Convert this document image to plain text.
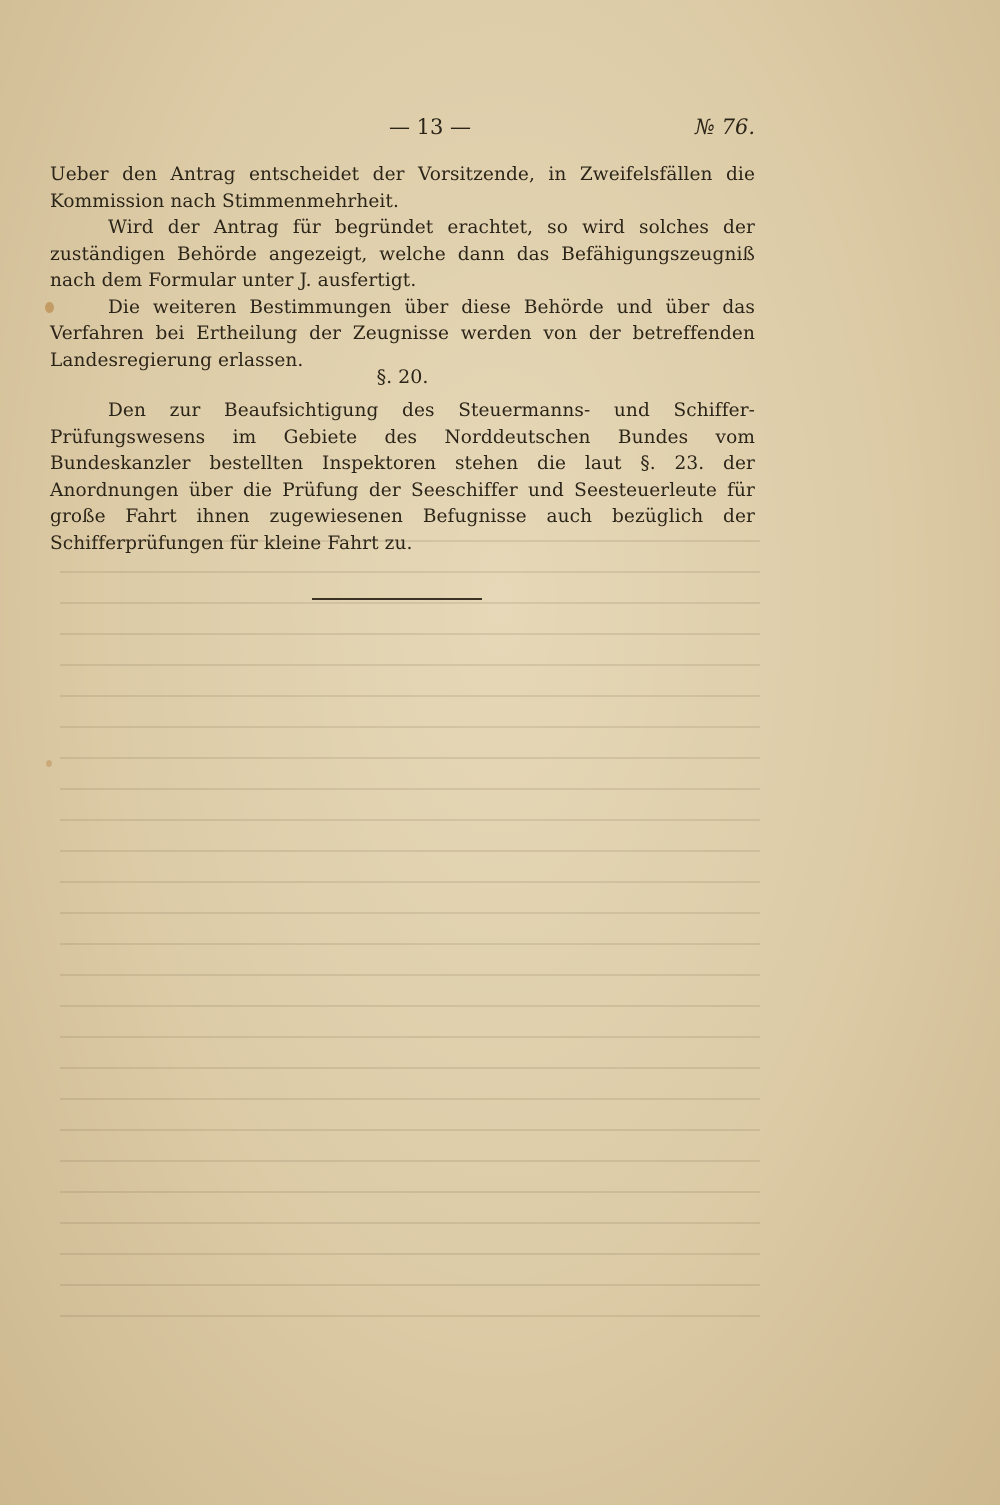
— 13 —	№ 76.

Ueber den Antrag entscheidet der Vorsitzende, in Zweifelsfällen die Kommission nach Stimmenmehrheit.

Wird der Antrag für begründet erachtet, so wird solches der zuständigen Behörde angezeigt, welche dann das Befähigungszeugniß nach dem Formular unter J. ausfertigt.

Die weiteren Bestimmungen über diese Behörde und über das Verfahren bei Ertheilung der Zeugnisse werden von der betreffenden Landesregierung erlassen.

§. 20.

Den zur Beaufsichtigung des Steuermanns- und Schiffer-Prüfungswesens im Gebiete des Norddeutschen Bundes vom Bundeskanzler bestellten Inspektoren stehen die laut §. 23. der Anordnungen über die Prüfung der Seeschiffer und Seesteuerleute für große Fahrt ihnen zugewiesenen Befugnisse auch bezüglich der Schifferprüfungen für kleine Fahrt zu.
